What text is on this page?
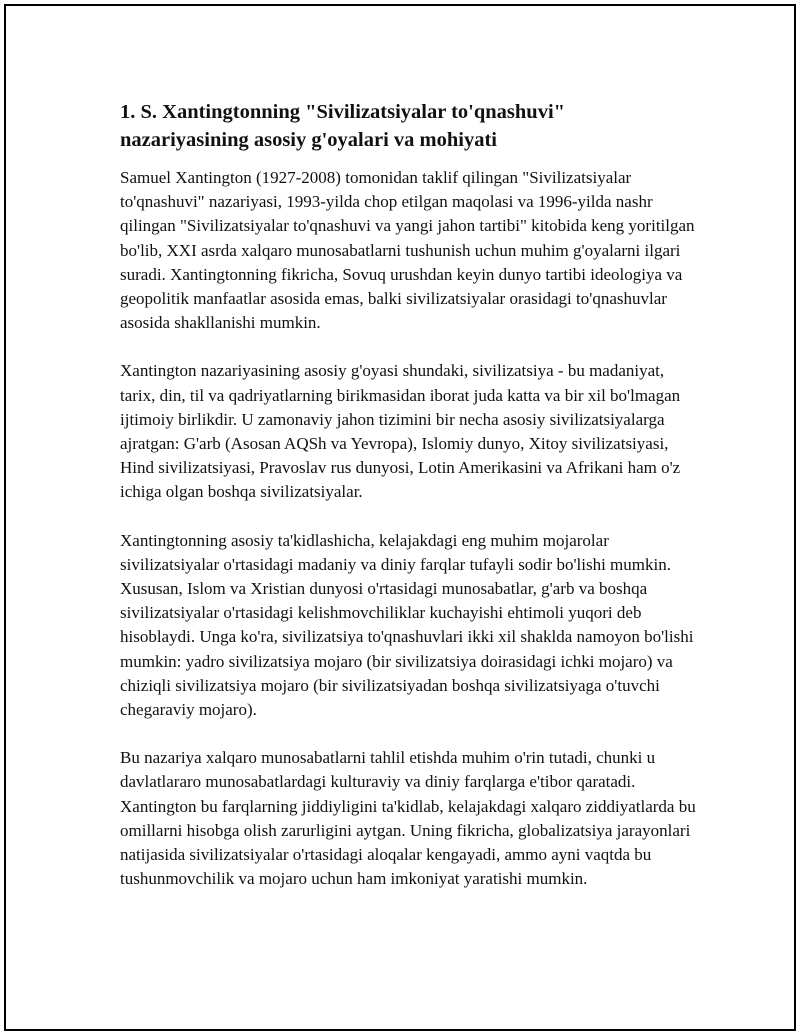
1. S. Xantingtonning "Sivilizatsiyalar to'qnashuvi" nazariyasining asosiy g'oyalari va mohiyati

Samuel Xantington (1927-2008) tomonidan taklif qilingan "Sivilizatsiyalar to'qnashuvi" nazariyasi, 1993-yilda chop etilgan maqolasi va 1996-yilda nashr qilingan "Sivilizatsiyalar to'qnashuvi va yangi jahon tartibi" kitobida keng yoritilgan bo'lib, XXI asrda xalqaro munosabatlarni tushunish uchun muhim g'oyalarni ilgari suradi. Xantingtonning fikricha, Sovuq urushdan keyin dunyo tartibi ideologiya va geopolitik manfaatlar asosida emas, balki sivilizatsiyalar orasidagi to'qnashuvlar asosida shakllanishi mumkin.

Xantington nazariyasining asosiy g'oyasi shundaki, sivilizatsiya - bu madaniyat, tarix, din, til va qadriyatlarning birikmasidan iborat juda katta va bir xil bo'lmagan ijtimoiy birlikdir. U zamonaviy jahon tizimini bir necha asosiy sivilizatsiyalarga ajratgan: G'arb (Asosan AQSh va Yevropa), Islomiy dunyo, Xitoy sivilizatsiyasi, Hind sivilizatsiyasi, Pravoslav rus dunyosi, Lotin Amerikasini va Afrikani ham o'z ichiga olgan boshqa sivilizatsiyalar.

Xantingtonning asosiy ta'kidlashicha, kelajakdagi eng muhim mojarolar sivilizatsiyalar o'rtasidagi madaniy va diniy farqlar tufayli sodir bo'lishi mumkin. Xususan, Islom va Xristian dunyosi o'rtasidagi munosabatlar, g'arb va boshqa sivilizatsiyalar o'rtasidagi kelishmovchiliklar kuchayishi ehtimoli yuqori deb hisoblaydi. Unga ko'ra, sivilizatsiya to'qnashuvlari ikki xil shaklda namoyon bo'lishi mumkin: yadro sivilizatsiya mojaro (bir sivilizatsiya doirasidagi ichki mojaro) va chiziqli sivilizatsiya mojaro (bir sivilizatsiyadan boshqa sivilizatsiyaga o'tuvchi chegaraviy mojaro).

Bu nazariya xalqaro munosabatlarni tahlil etishda muhim o'rin tutadi, chunki u davlatlararo munosabatlardagi kulturaviy va diniy farqlarga e'tibor qaratadi. Xantington bu farqlarning jiddiyligini ta'kidlab, kelajakdagi xalqaro ziddiyatlarda bu omillarni hisobga olish zarurligini aytgan. Uning fikricha, globalizatsiya jarayonlari natijasida sivilizatsiyalar o'rtasidagi aloqalar kengayadi, ammo ayni vaqtda bu tushunmovchilik va mojaro uchun ham imkoniyat yaratishi mumkin.
